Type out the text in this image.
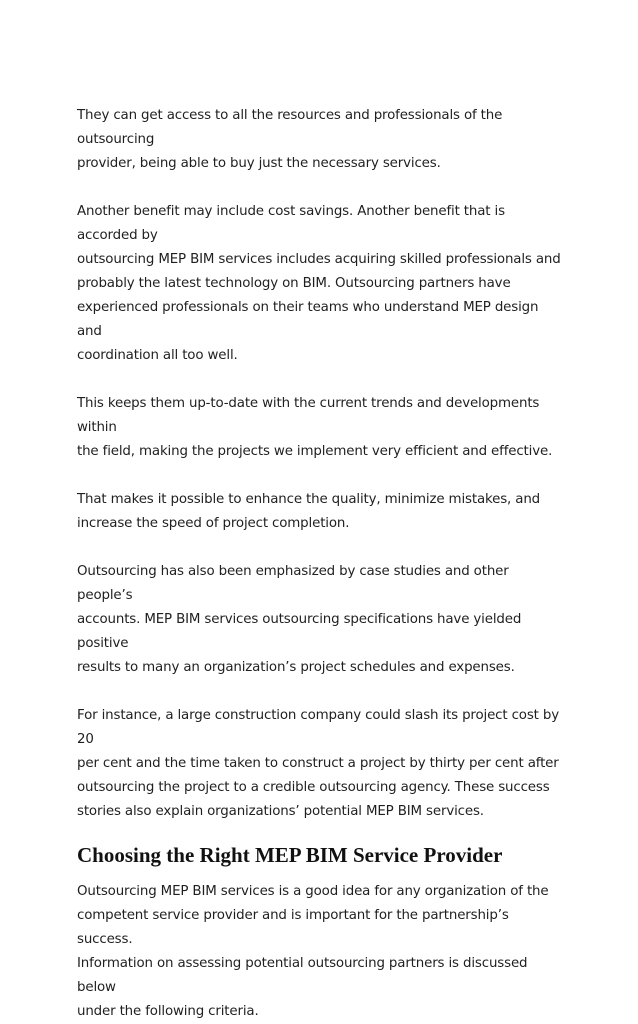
They can get access to all the resources and professionals of the outsourcing
provider, being able to buy just the necessary services.

Another benefit may include cost savings. Another benefit that is accorded by
outsourcing MEP BIM services includes acquiring skilled professionals and
probably the latest technology on BIM. Outsourcing partners have
experienced professionals on their teams who understand MEP design and
coordination all too well.

This keeps them up-to-date with the current trends and developments within
the field, making the projects we implement very efficient and effective.

That makes it possible to enhance the quality, minimize mistakes, and
increase the speed of project completion.

Outsourcing has also been emphasized by case studies and other people’s
accounts. MEP BIM services outsourcing specifications have yielded positive
results to many an organization’s project schedules and expenses.

For instance, a large construction company could slash its project cost by 20
per cent and the time taken to construct a project by thirty per cent after
outsourcing the project to a credible outsourcing agency. These success
stories also explain organizations’ potential MEP BIM services.

Choosing the Right MEP BIM Service Provider

Outsourcing MEP BIM services is a good idea for any organization of the
competent service provider and is important for the partnership’s success.
Information on assessing potential outsourcing partners is discussed below
under the following criteria.
